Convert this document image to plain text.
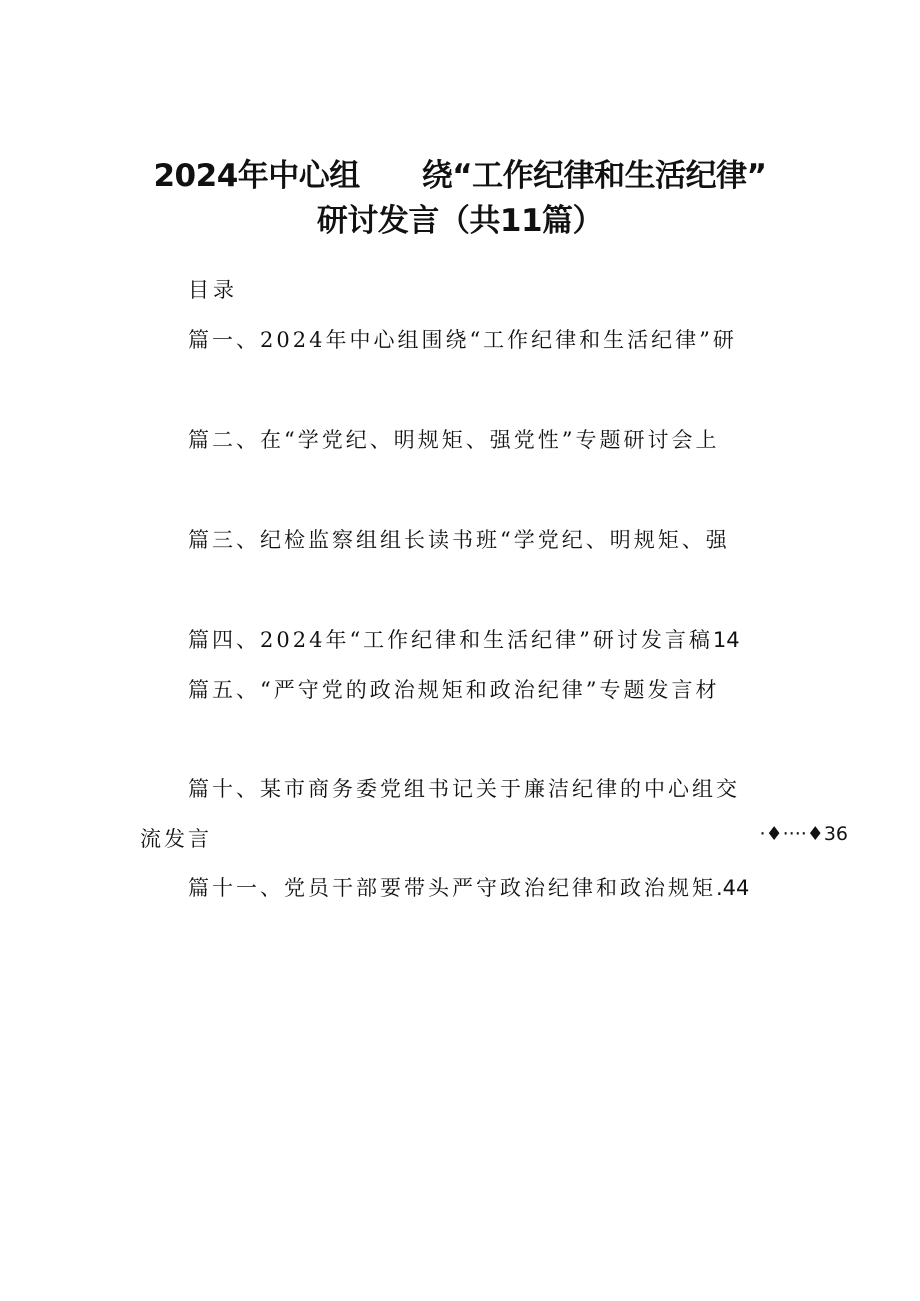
2024年中心组 绕“工作纪律和生活纪律”
研讨发言（共11篇）
目录
篇一、2024年中心组围绕“工作纪律和生活纪律”研
篇二、在“学党纪、明规矩、强党性”专题研讨会上
篇三、纪检监察组组长读书班“学党纪、明规矩、强
篇四、2024年“工作纪律和生活纪律”研讨发言稿14
篇五、“严守党的政治规矩和政治纪律”专题发言材
篇十、某市商务委党组书记关于廉洁纪律的中心组交
流发言	·♦····♦36
篇十一、党员干部要带头严守政治纪律和政治规矩.44
